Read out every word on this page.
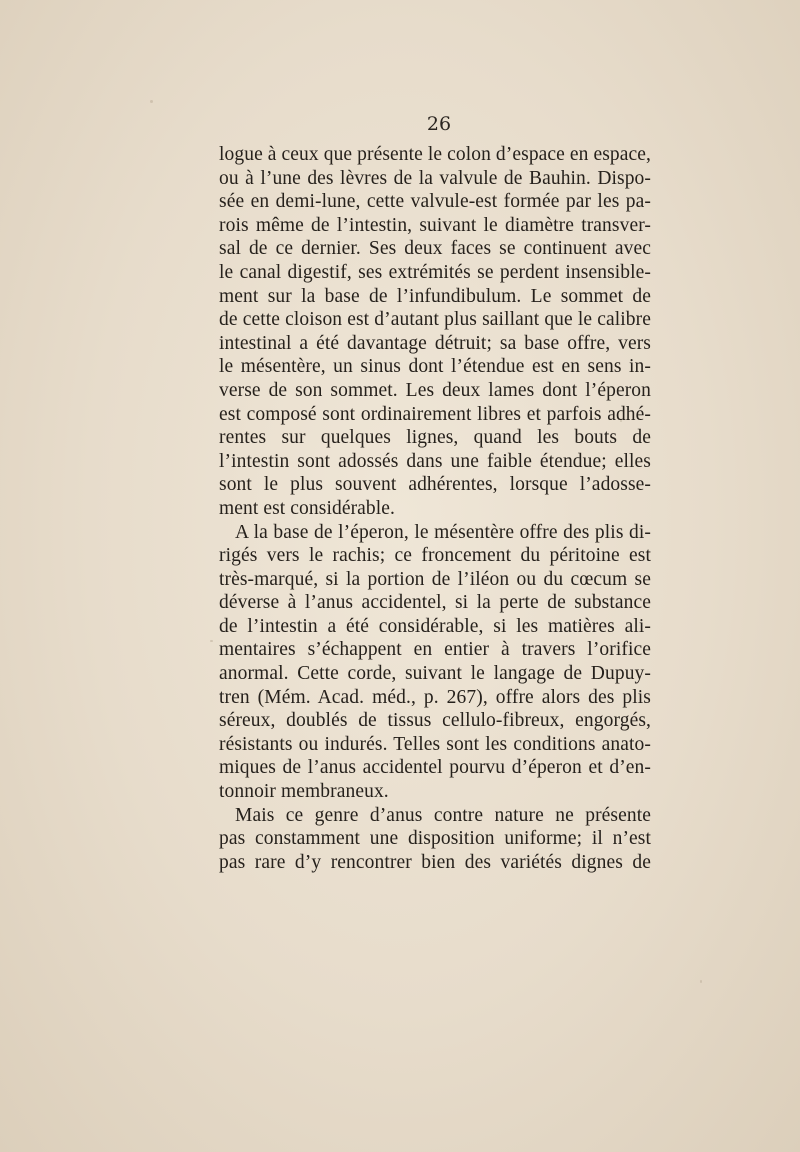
26
logue à ceux que présente le colon d’espace en espace,
ou à l’une des lèvres de la valvule de Bauhin. Dispo-
sée en demi-lune, cette valvule-est formée par les pa-
rois même de l’intestin, suivant le diamètre transver-
sal de ce dernier. Ses deux faces se continuent avec
le canal digestif, ses extrémités se perdent insensible-
ment sur la base de l’infundibulum. Le sommet de
de cette cloison est d’autant plus saillant que le calibre
intestinal a été davantage détruit; sa base offre, vers
le mésentère, un sinus dont l’étendue est en sens in-
verse de son sommet. Les deux lames dont l’éperon
est composé sont ordinairement libres et parfois adhé-
rentes sur quelques lignes, quand les bouts de
l’intestin sont adossés dans une faible étendue; elles
sont le plus souvent adhérentes, lorsque l’adosse-
ment est considérable.
A la base de l’éperon, le mésentère offre des plis di-
rigés vers le rachis; ce froncement du péritoine est
très-marqué, si la portion de l’iléon ou du cœcum se
déverse à l’anus accidentel, si la perte de substance
de l’intestin a été considérable, si les matières ali-
mentaires s’échappent en entier à travers l’orifice
anormal. Cette corde, suivant le langage de Dupuy-
tren (Mém. Acad. méd., p. 267), offre alors des plis
séreux, doublés de tissus cellulo-fibreux, engorgés,
résistants ou indurés. Telles sont les conditions anato-
miques de l’anus accidentel pourvu d’éperon et d’en-
tonnoir membraneux.
Mais ce genre d’anus contre nature ne présente
pas constamment une disposition uniforme; il n’est
pas rare d’y rencontrer bien des variétés dignes de
